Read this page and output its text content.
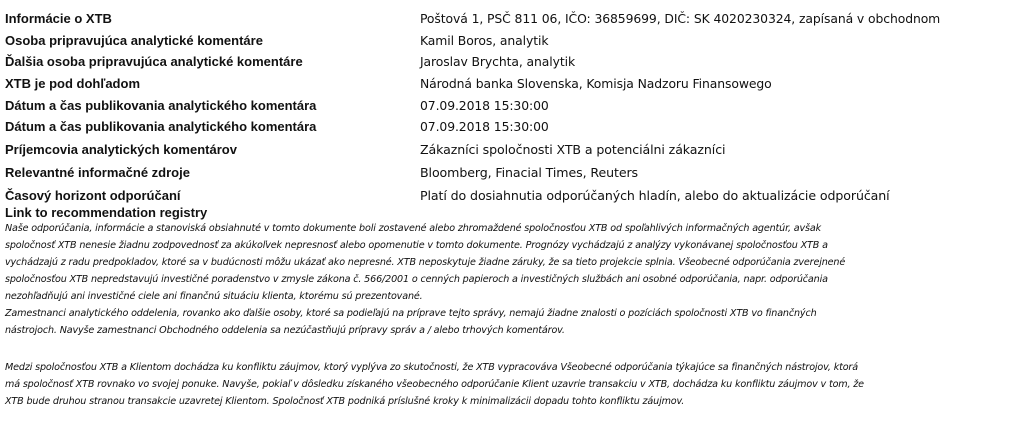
Informácie o XTB	Poštová 1, PSČ 811 06, IČO: 36859699, DIČ: SK 4020230324, zapísaná v obchodnom
Osoba pripravujúca analytické komentáre	Kamil Boros, analytik
Ďalšia osoba pripravujúca analytické komentáre	Jaroslav Brychta, analytik
XTB je pod dohľadom	Národná banka Slovenska, Komisja Nadzoru Finansowego
Dátum a čas publikovania analytického komentára	07.09.2018 15:30:00
Dátum a čas publikovania analytického komentára	07.09.2018 15:30:00
Príjemcovia analytických komentárov	Zákazníci spoločnosti XTB a potenciálni zákazníci
Relevantné informačné zdroje	Bloomberg, Finacial Times, Reuters
Časový horizont odporúčaní	Platí do dosiahnutia odporúčaných hladín, alebo do aktualizácie odporúčaní
Link to recommendation registry

Naše odporúčania, informácie a stanoviská obsiahnuté v tomto dokumente boli zostavené alebo zhromaždené spoločnosťou XTB od spoľahlivých informačných agentúr, avšak

spoločnosť XTB nenesie žiadnu zodpovednosť za akúkoľvek nepresnosť alebo opomenutie v tomto dokumente. Prognózy vychádzajú z analýzy vykonávanej spoločnosťou XTB a

vychádzajú z radu predpokladov, ktoré sa v budúcnosti môžu ukázať ako nepresné. XTB neposkytuje žiadne záruky, že sa tieto projekcie splnia. Všeobecné odporúčania zverejnené

spoločnosťou XTB nepredstavujú investičné poradenstvo v zmysle zákona č. 566/2001 o cenných papieroch a investičných službách ani osobné odporúčania, napr. odporúčania

nezohľadňujú ani investičné ciele ani finančnú situáciu klienta, ktorému sú prezentované.

Zamestnanci analytického oddelenia, rovanko ako ďalšie osoby, ktoré sa podieľajú na príprave tejto správy, nemajú žiadne znalosti o pozíciách spoločnosti XTB vo finančných

nástrojoch. Navyše zamestnanci Obchodného oddelenia sa nezúčastňujú prípravy správ a / alebo trhových komentárov.

Medzi spoločnosťou XTB a Klientom dochádza ku konfliktu záujmov, ktorý vyplýva zo skutočnosti, že XTB vypracováva Všeobecné odporúčania týkajúce sa finančných nástrojov, ktorá

má spoločnosť XTB rovnako vo svojej ponuke. Navyše, pokiaľ v dôsledku získaného všeobecného odporúčanie Klient uzavrie transakciu v XTB, dochádza ku konfliktu záujmov v tom, že

XTB bude druhou stranou transakcie uzavretej Klientom. Spoločnosť XTB podniká príslušné kroky k minimalizácii dopadu tohto konfliktu záujmov.
